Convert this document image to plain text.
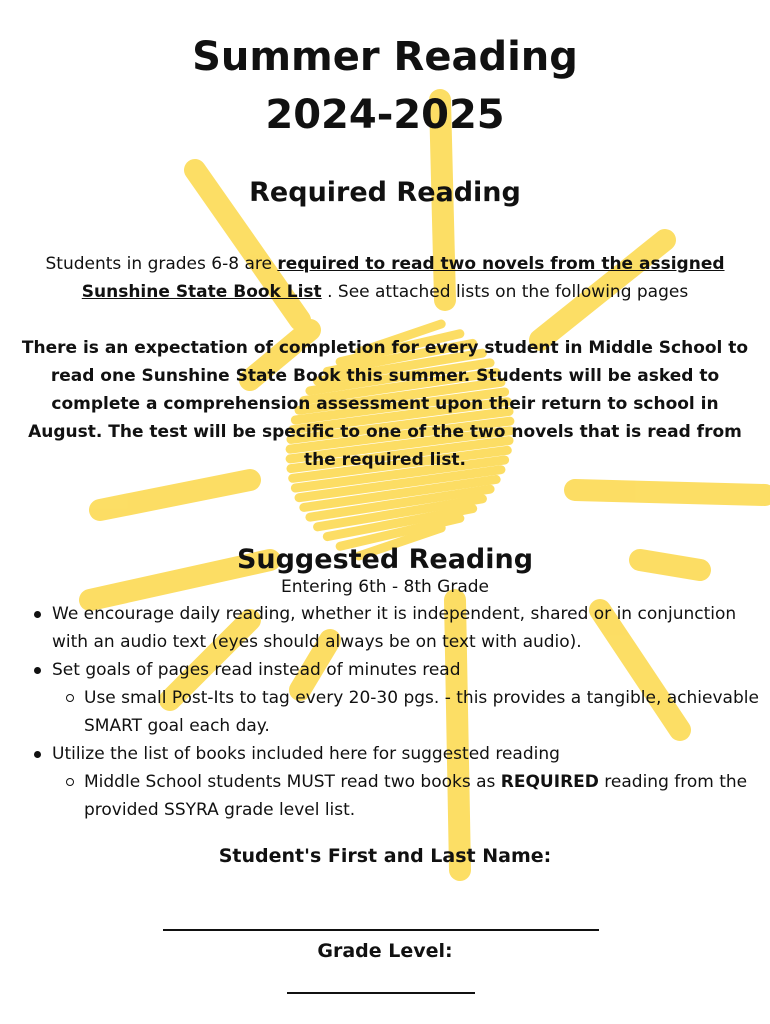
Summer Reading
2024-2025
Required Reading

Students in grades 6-8 are required to read two novels from the assigned
Sunshine State Book List . See attached lists on the following pages

There is an expectation of completion for every student in Middle School to read one Sunshine State Book this summer. Students will be asked to complete a comprehension assessment upon their return to school in August. The test will be specific to one of the two novels that is read from the required list.

Suggested Reading

Entering 6th - 8th Grade

We encourage daily reading, whether it is independent, shared or in conjunction with an audio text (eyes should always be on text with audio).
Set goals of pages read instead of minutes read
Use small Post-Its to tag every 20-30 pgs. - this provides a tangible, achievable SMART goal each day.
Utilize the list of books included here for suggested reading
Middle School students MUST read two books as REQUIRED reading from the provided SSYRA grade level list.

Student's First and Last Name:

Grade Level:
